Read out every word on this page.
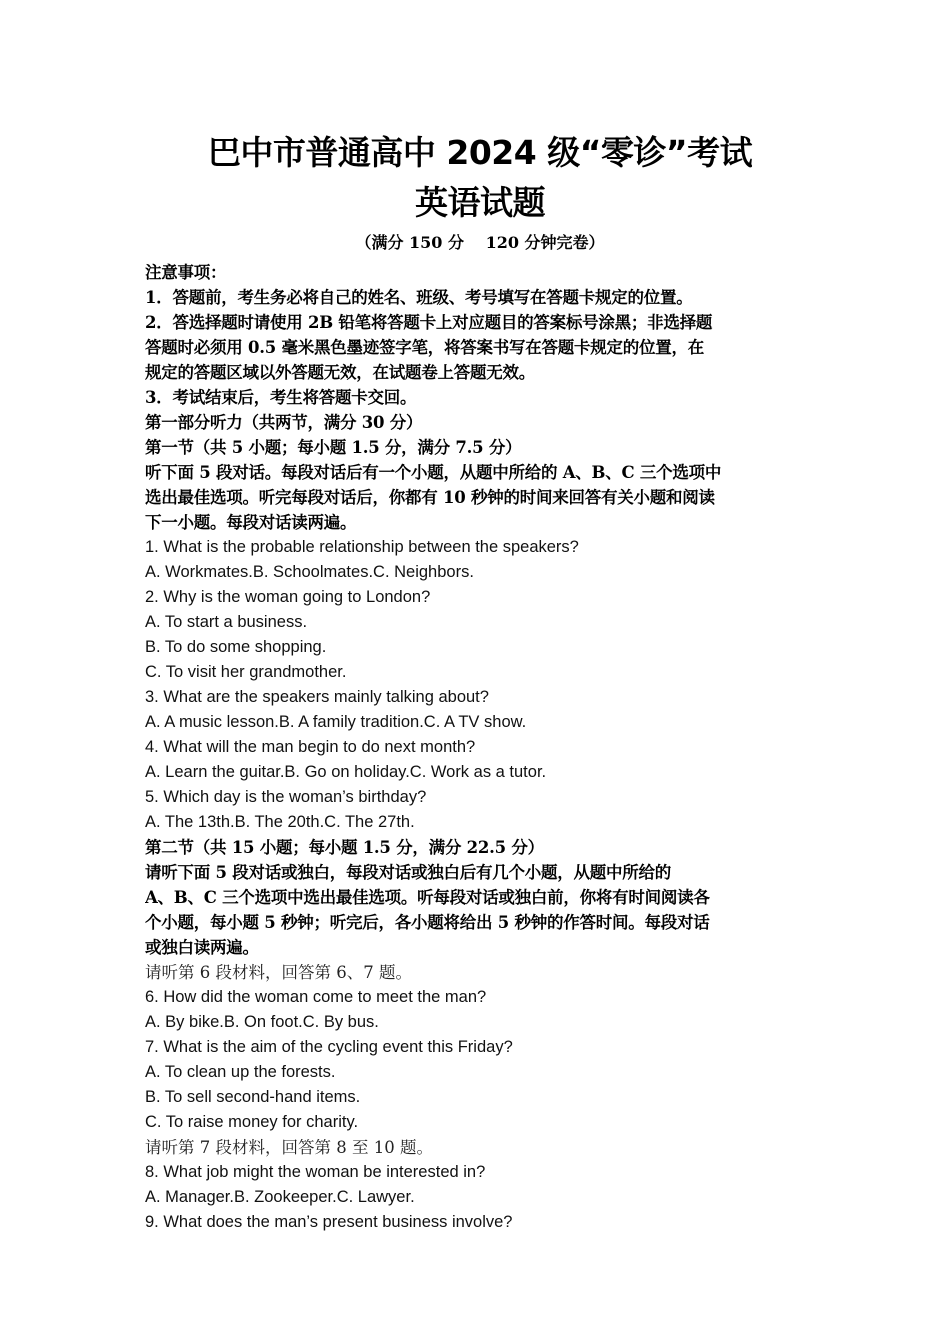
巴中市普通高中 2024 级“零诊”考试
英语试题
（满分 150 分 　120 分钟完卷）
注意事项：
1．答题前，考生务必将自己的姓名、班级、考号填写在答题卡规定的位置。
2．答选择题时请使用 2B 铅笔将答题卡上对应题目的答案标号涂黑；非选择题
答题时必须用 0.5 毫米黑色墨迹签字笔，将答案书写在答题卡规定的位置，在
规定的答题区域以外答题无效，在试题卷上答题无效。
3．考试结束后，考生将答题卡交回。
第一部分听力（共两节，满分 30 分）
第一节（共 5 小题；每小题 1.5 分，满分 7.5 分）
听下面 5 段对话。每段对话后有一个小题，从题中所给的 A、B、C 三个选项中
选出最佳选项。听完每段对话后，你都有 10 秒钟的时间来回答有关小题和阅读
下一小题。每段对话读两遍。
1. What is the probable relationship between the speakers?
A. Workmates.B. Schoolmates.C. Neighbors.
2. Why is the woman going to London?
A. To start a business.
B. To do some shopping.
C. To visit her grandmother.
3. What are the speakers mainly talking about?
A. A music lesson.B. A family tradition.C. A TV show.
4. What will the man begin to do next month?
A. Learn the guitar.B. Go on holiday.C. Work as a tutor.
5. Which day is the woman’s birthday?
A. The 13th.B. The 20th.C. The 27th.
第二节（共 15 小题；每小题 1.5 分，满分 22.5 分）
请听下面 5 段对话或独白，每段对话或独白后有几个小题，从题中所给的
A、B、C 三个选项中选出最佳选项。听每段对话或独白前，你将有时间阅读各
个小题，每小题 5 秒钟；听完后，各小题将给出 5 秒钟的作答时间。每段对话
或独白读两遍。
请听第 6 段材料，回答第 6、7 题。
6. How did the woman come to meet the man?
A. By bike.B. On foot.C. By bus.
7. What is the aim of the cycling event this Friday?
A. To clean up the forests.
B. To sell second-hand items.
C. To raise money for charity.
请听第 7 段材料，回答第 8 至 10 题。
8. What job might the woman be interested in?
A. Manager.B. Zookeeper.C. Lawyer.
9. What does the man’s present business involve?
